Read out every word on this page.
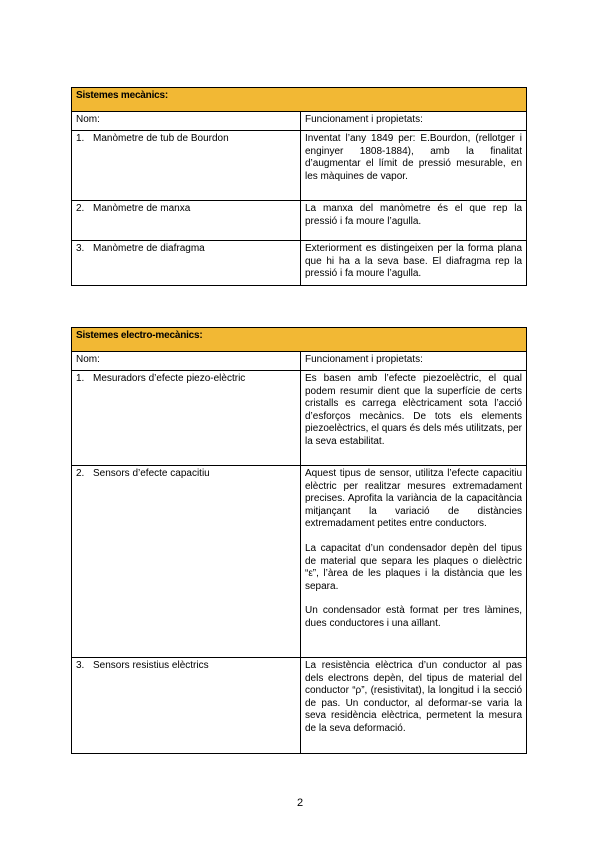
Sistemes mecànics:	
Nom:	Funcionament i propietats:
1. Manòmetre de tub de Bourdon	Inventat l’any 1849 per: E.Bourdon, (rellotger i enginyer 1808-1884), amb la finalitat d’augmentar el límit de pressió mesurable, en les màquines de vapor.

2. Manòmetre de manxa	La manxa del manòmetre és el que rep la pressió i fa moure l’agulla.

3. Manòmetre de diafragma	Exteriorment es distingeixen per la forma plana que hi ha a la seva base. El diafragma rep la pressió i fa moure l’agulla.

Sistemes electro-mecànics:	
Nom:	Funcionament i propietats:
1. Mesuradors d’efecte piezo-elèctric	Es basen amb l’efecte piezoelèctric, el qual podem resumir dient que la superfície de certs cristalls es carrega elèctricament sota l’acció d’esforços mecànics. De tots els elements piezoelèctrics, el quars és dels més utilitzats, per la seva estabilitat.

2. Sensors d’efecte capacitiu	Aquest tipus de sensor, utilitza l’efecte capacitiu elèctric per realitzar mesures extremadament precises. Aprofita la variància de la capacitància mitjançant la variació de distàncies extremadament petites entre conductors.

La capacitat d’un condensador depèn del tipus de material que separa les plaques o dielèctric “ε”, l’àrea de les plaques i la distància que les separa.

Un condensador està format per tres làmines, dues conductores i una aïllant.

3. Sensors resistius elèctrics	La resistència elèctrica d’un conductor al pas dels electrons depèn, del tipus de material del conductor “ρ”, (resistivitat), la longitud i la secció de pas. Un conductor, al deformar-se varia la seva residència elèctrica, permetent la mesura de la seva deformació.

2
